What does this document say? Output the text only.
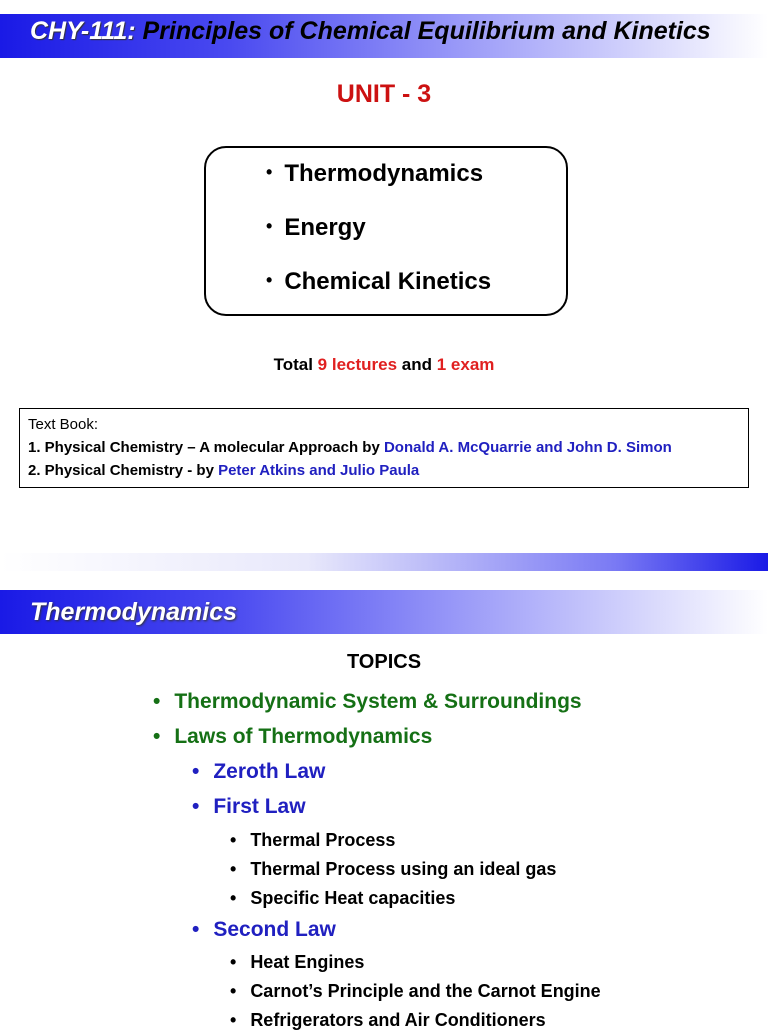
CHY-111: Principles of Chemical Equilibrium and Kinetics
UNIT - 3
• Thermodynamics
• Energy
• Chemical Kinetics
Total 9 lectures and 1 exam
Text Book:
1. Physical Chemistry – A molecular Approach by Donald A. McQuarrie and John D. Simon
2. Physical Chemistry - by Peter Atkins and Julio Paula
Thermodynamics
TOPICS
• Thermodynamic System & Surroundings
• Laws of Thermodynamics
• Zeroth Law
• First Law
• Thermal Process
• Thermal Process using an ideal gas
• Specific Heat capacities
• Second Law
• Heat Engines
• Carnot’s Principle and the Carnot Engine
• Refrigerators and Air Conditioners
